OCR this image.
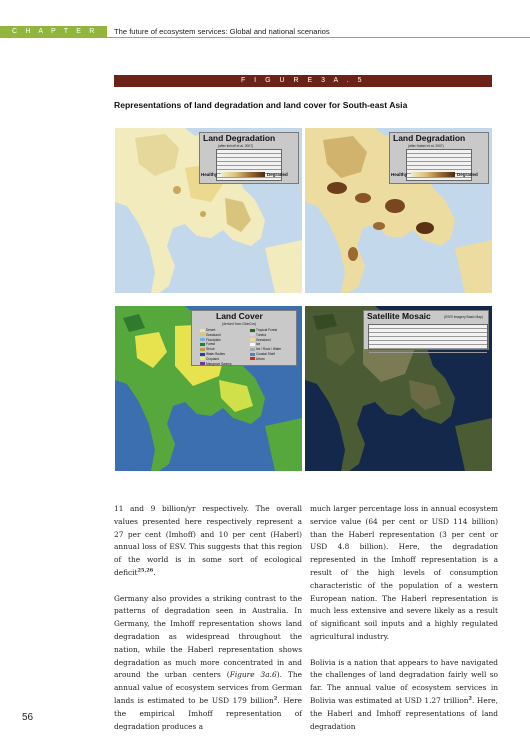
C H A P T E R 0 3
The future of ecosystem services: Global and national scenarios
F I G U R E 3 A . 5
Representations of land degradation and land cover for South-east Asia
Land Degradation
(after Imhoff et al. 2007)
Healthy	Degraded
Land Degradation
(after Haberl et al. 2007)
Healthy	Degraded
Land Cover
(derived from GlobCov)
Desert
Grassland
Floodplain
Forest
Shrub
Water Bodies
Cropland
Mangrove Swamp
Tropical Forest
Tundra
Grassland
Ice
Ice / Rock / Water
Coastal Shelf
Urban
Satellite Mosaic	(ESRI Imagery Basic Map)

11 and 9 billion/yr respectively. The overall values presented here respectively represent a 27 per cent (Imhoff) and 10 per cent (Haberl) annual loss of ESV. This suggests that this region of the world is in some sort of ecological deficit$^{25,26}$.

Germany also provides a striking contrast to the patterns of degradation seen in Australia. In Germany, the Imhoff representation shows land degradation as widespread throughout the nation, while the Haberl representation shows degradation as much more concentrated in and around the urban centers (Figure 3a.6). The annual value of ecosystem services from German lands is estimated to be USD 179 billion$^2$. Here the empirical Imhoff representation of degradation produces a

much larger percentage loss in annual ecosystem service value (64 per cent or USD 114 billion) than the Haberl representation (3 per cent or USD 4.8 billion). Here, the degradation represented in the Imhoff representation is a result of the high levels of consumption characteristic of the population of a western European nation. The Haberl representation is much less extensive and severe likely as a result of significant soil inputs and a highly regulated agricultural industry.

Bolivia is a nation that appears to have navigated the challenges of land degradation fairly well so far. The annual value of ecosystem services in Bolivia was estimated at USD 1.27 trillion$^2$. Here, the Haberl and Imhoff representations of land degradation

56
